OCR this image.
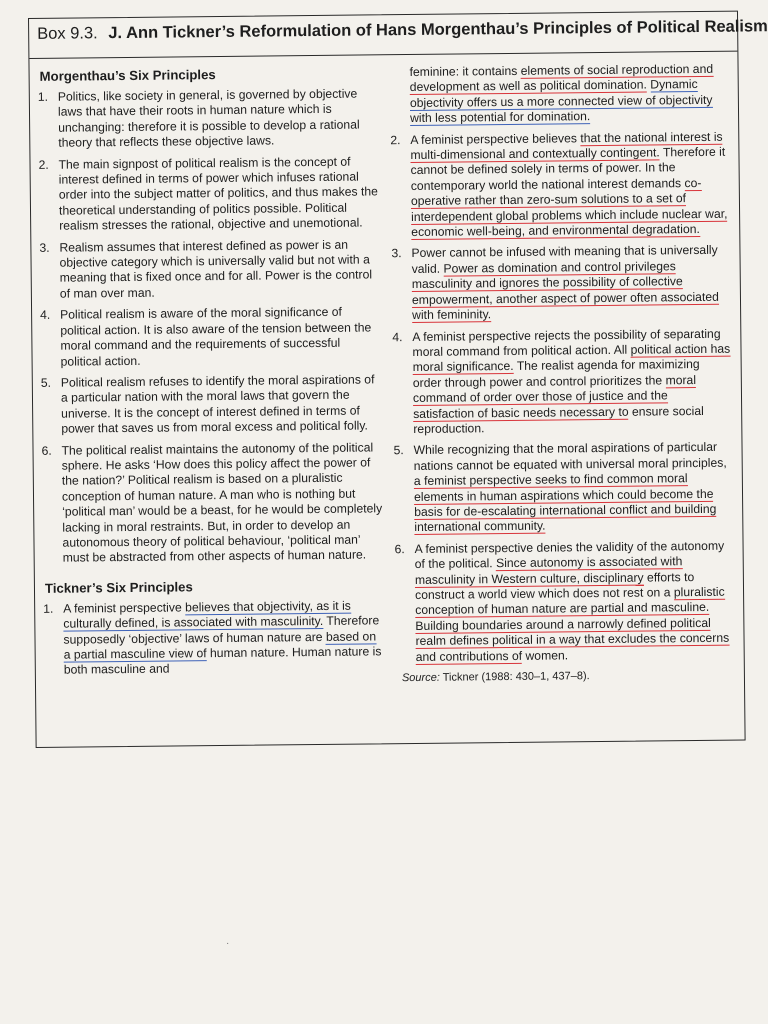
Box 9.3. J. Ann Tickner’s Reformulation of Hans Morgenthau’s Principles of Political Realism
Morgenthau’s Six Principles
1. Politics, like society in general, is governed by objective laws that have their roots in human nature which is unchanging: therefore it is possible to develop a rational theory that reflects these objective laws.
2. The main signpost of political realism is the concept of interest defined in terms of power which infuses rational order into the subject matter of politics, and thus makes the theoretical understanding of politics possible. Political realism stresses the rational, objective and unemotional.
3. Realism assumes that interest defined as power is an objective category which is universally valid but not with a meaning that is fixed once and for all. Power is the control of man over man.
4. Political realism is aware of the moral significance of political action. It is also aware of the tension between the moral command and the requirements of successful political action.
5. Political realism refuses to identify the moral aspirations of a particular nation with the moral laws that govern the universe. It is the concept of interest defined in terms of power that saves us from moral excess and political folly.
6. The political realist maintains the autonomy of the political sphere. He asks ‘How does this policy affect the power of the nation?’ Political realism is based on a pluralistic conception of human nature. A man who is nothing but ‘political man’ would be a beast, for he would be completely lacking in moral restraints. But, in order to develop an autonomous theory of political behaviour, ‘political man’ must be abstracted from other aspects of human nature.
Tickner’s Six Principles
1. A feminist perspective believes that objectivity, as it is culturally defined, is associated with masculinity. Therefore supposedly ‘objective’ laws of human nature are based on a partial masculine view of human nature. Human nature is both masculine and
feminine: it contains elements of social reproduction and development as well as political domination. Dynamic objectivity offers us a more connected view of objectivity with less potential for domination.
2. A feminist perspective believes that the national interest is multi-dimensional and contextually contingent. Therefore it cannot be defined solely in terms of power. In the contemporary world the national interest demands co-operative rather than zero-sum solutions to a set of interdependent global problems which include nuclear war, economic well-being, and environmental degradation.
3. Power cannot be infused with meaning that is universally valid. Power as domination and control privileges masculinity and ignores the possibility of collective empowerment, another aspect of power often associated with femininity.
4. A feminist perspective rejects the possibility of separating moral command from political action. All political action has moral significance. The realist agenda for maximizing order through power and control prioritizes the moral command of order over those of justice and the satisfaction of basic needs necessary to ensure social reproduction.
5. While recognizing that the moral aspirations of particular nations cannot be equated with universal moral principles, a feminist perspective seeks to find common moral elements in human aspirations which could become the basis for de-escalating international conflict and building international community.
6. A feminist perspective denies the validity of the autonomy of the political. Since autonomy is associated with masculinity in Western culture, disciplinary efforts to construct a world view which does not rest on a pluralistic conception of human nature are partial and masculine. Building boundaries around a narrowly defined political realm defines political in a way that excludes the concerns and contributions of women.
Source: Tickner (1988: 430–1, 437–8).
·
